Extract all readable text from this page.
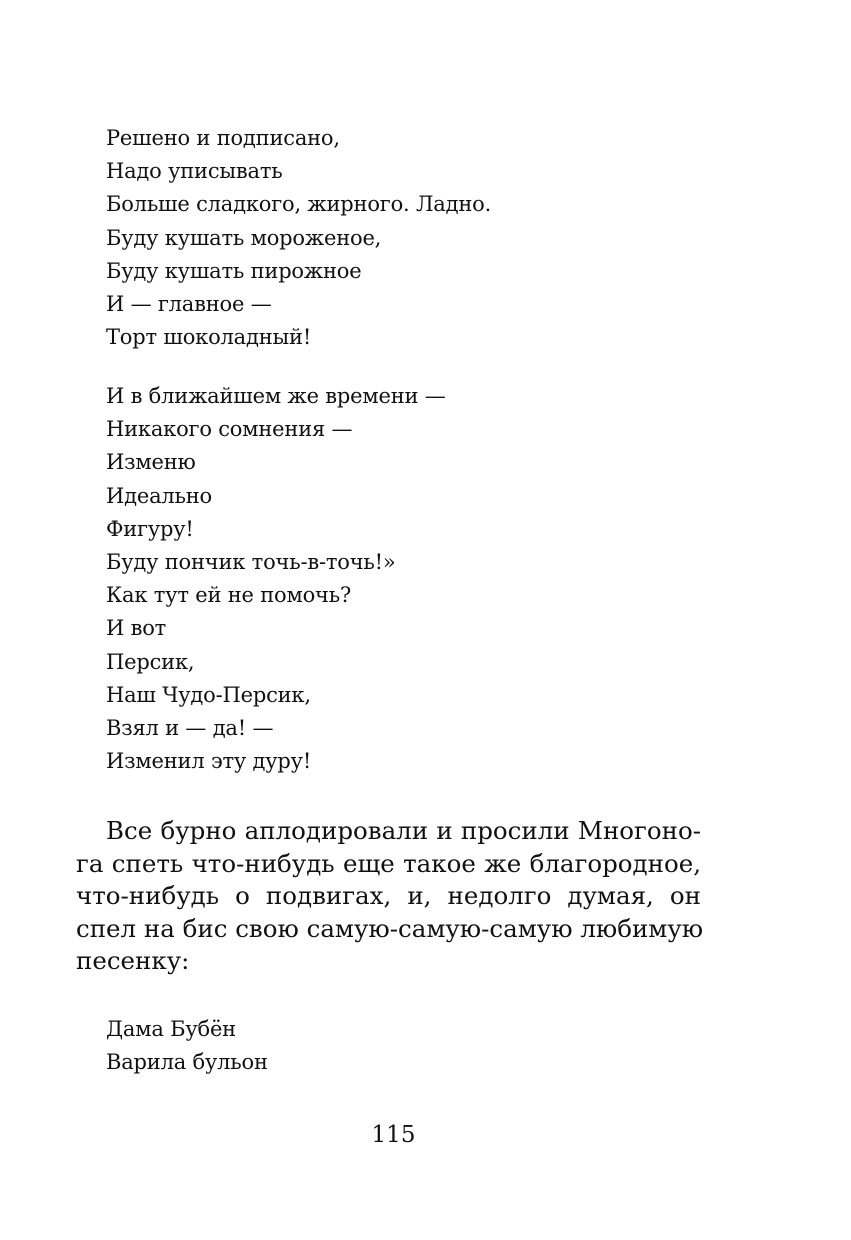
Решено и подписано,
Надо уписывать
Больше сладкого, жирного. Ладно.
Буду кушать мороженое,
Буду кушать пирожное
И — главное —
Торт шоколадный!
И в ближайшем же времени —
Никакого сомнения —
Изменю
Идеально
Фигуру!
Буду пончик точь-в-точь!»
Как тут ей не помочь?
И вот
Персик,
Наш Чудо-Персик,
Взял и — да! —
Изменил эту дуру!
Все бурно аплодировали и просили Многоно-
га спеть что-нибудь еще такое же благородное,
что-нибудь о подвигах, и, недолго думая, он
спел на бис свою самую-самую-самую любимую
песенку:
Дама Бубён
Варила бульон
115
